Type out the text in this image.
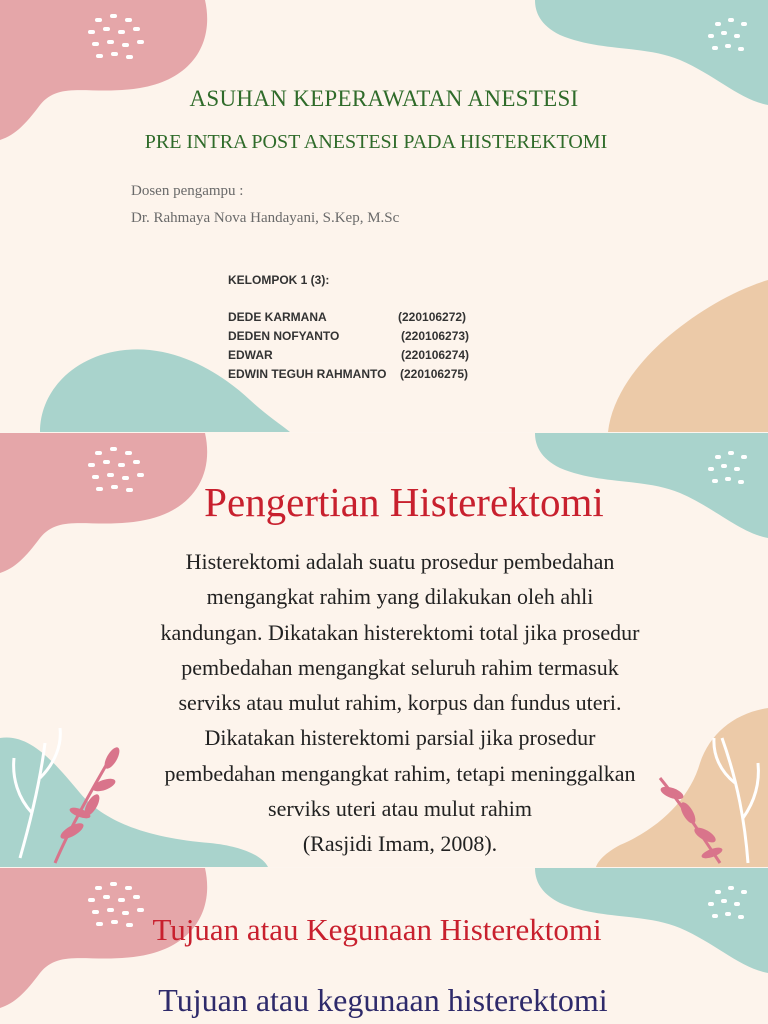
ASUHAN KEPERAWATAN ANESTESI

PRE INTRA POST ANESTESI PADA HISTEREKTOMI

Dosen pengampu :

Dr. Rahmaya Nova Handayani, S.Kep, M.Sc

KELOMPOK 1 (3):

DEDE KARMANA	(220106272)
DEDEN NOFYANTO	(220106273)
EDWAR	(220106274)
EDWIN TEGUH RAHMANTO (220106275)

Pengertian Histerektomi

Histerektomi adalah suatu prosedur pembedahan
mengangkat rahim yang dilakukan oleh ahli
kandungan. Dikatakan histerektomi total jika prosedur
pembedahan mengangkat seluruh rahim termasuk
serviks atau mulut rahim, korpus dan fundus uteri.
Dikatakan histerektomi parsial jika prosedur
pembedahan mengangkat rahim, tetapi meninggalkan
serviks uteri atau mulut rahim
(Rasjidi Imam, 2008).

Tujuan atau Kegunaan Histerektomi

Tujuan atau kegunaan histerektomi
